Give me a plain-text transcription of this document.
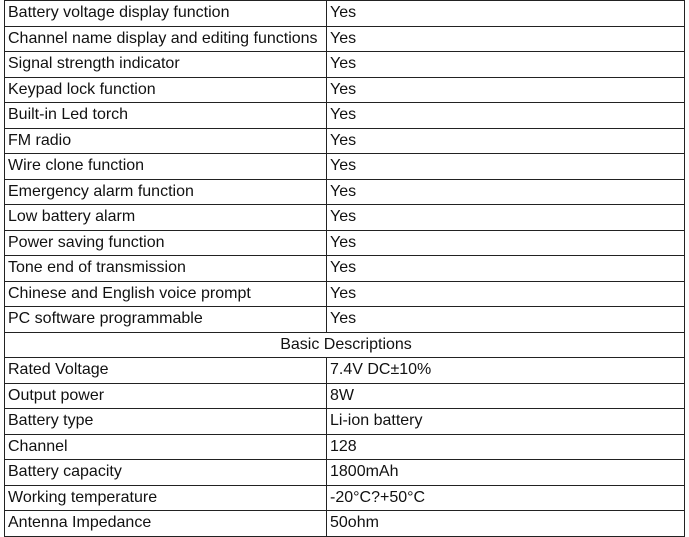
Battery voltage display function	Yes
Channel name display and editing functions	Yes
Signal strength indicator	Yes
Keypad lock function	Yes
Built-in Led torch	Yes
FM radio	Yes
Wire clone function	Yes
Emergency alarm function	Yes
Low battery alarm	Yes
Power saving function	Yes
Tone end of transmission	Yes
Chinese and English voice prompt	Yes
PC software programmable	Yes
Basic Descriptions	
Rated Voltage	7.4V DC±10%
Output power	8W
Battery type	Li-ion battery
Channel	128
Battery capacity	1800mAh
Working temperature	-20°C?+50°C
Antenna Impedance	50ohm
